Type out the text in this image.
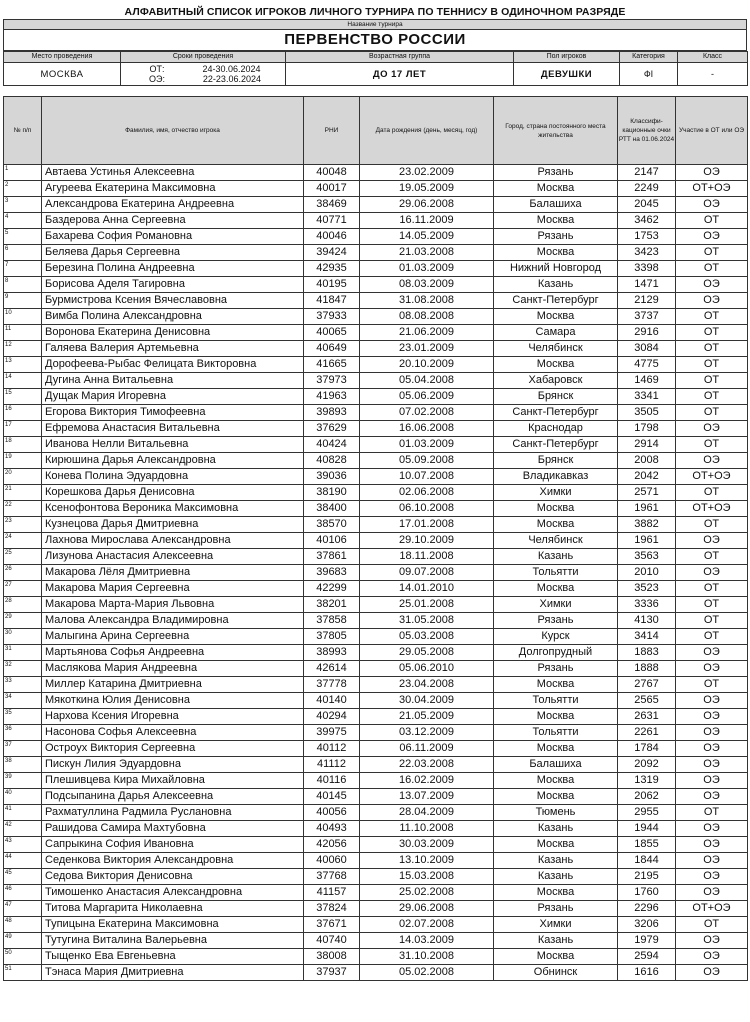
АЛФАВИТНЫЙ СПИСОК ИГРОКОВ ЛИЧНОГО ТУРНИРА ПО ТЕННИСУ В ОДИНОЧНОМ РАЗРЯДЕ
Название турнира
ПЕРВЕНСТВО РОССИИ
Место проведения	Сроки проведения	Возрастная группа	Пол игроков	Категория	Класс
МОСКВА	ОТ: 24-30.06.2024
ОЭ: 22-23.06.2024	ДО 17 ЛЕТ	ДЕВУШКИ	ФI	-
№ п/п	Фамилия, имя, отчество игрока	РНИ	Дата рождения (день, месяц, год)	Город, страна постоянного места жительства	Классифи-кационные очки РТТ на 01.06.2024	Участие в ОТ или ОЭ
1	Автаева Устинья Алексеевна	40048	23.02.2009	Рязань	2147	ОЭ
2	Агуреева Екатерина Максимовна	40017	19.05.2009	Москва	2249	ОТ+ОЭ
3	Александрова Екатерина Андреевна	38469	29.06.2008	Балашиха	2045	ОЭ
4	Баздерова Анна Сергеевна	40771	16.11.2009	Москва	3462	ОТ
5	Бахарева София Романовна	40046	14.05.2009	Рязань	1753	ОЭ
6	Беляева Дарья Сергеевна	39424	21.03.2008	Москва	3423	ОТ
7	Березина Полина Андреевна	42935	01.03.2009	Нижний Новгород	3398	ОТ
8	Борисова Аделя Тагировна	40195	08.03.2009	Казань	1471	ОЭ
9	Бурмистрова Ксения Вячеславовна	41847	31.08.2008	Санкт-Петербург	2129	ОЭ
10	Вимба Полина Александровна	37933	08.08.2008	Москва	3737	ОТ
11	Воронова Екатерина Денисовна	40065	21.06.2009	Самара	2916	ОТ
12	Галяева Валерия Артемьевна	40649	23.01.2009	Челябинск	3084	ОТ
13	Дорофеева-Рыбас Фелицата Викторовна	41665	20.10.2009	Москва	4775	ОТ
14	Дугина Анна Витальевна	37973	05.04.2008	Хабаровск	1469	ОТ
15	Дущак Мария Игоревна	41963	05.06.2009	Брянск	3341	ОТ
16	Егорова Виктория Тимофеевна	39893	07.02.2008	Санкт-Петербург	3505	ОТ
17	Ефремова Анастасия Витальевна	37629	16.06.2008	Краснодар	1798	ОЭ
18	Иванова Нелли Витальевна	40424	01.03.2009	Санкт-Петербург	2914	ОТ
19	Кирюшина Дарья Александровна	40828	05.09.2008	Брянск	2008	ОЭ
20	Конева Полина Эдуардовна	39036	10.07.2008	Владикавказ	2042	ОТ+ОЭ
21	Корешкова Дарья Денисовна	38190	02.06.2008	Химки	2571	ОТ
22	Ксенофонтова Вероника Максимовна	38400	06.10.2008	Москва	1961	ОТ+ОЭ
23	Кузнецова Дарья Дмитриевна	38570	17.01.2008	Москва	3882	ОТ
24	Лахнова Мирослава Александровна	40106	29.10.2009	Челябинск	1961	ОЭ
25	Лизунова Анастасия Алексеевна	37861	18.11.2008	Казань	3563	ОТ
26	Макарова Лёля Дмитриевна	39683	09.07.2008	Тольятти	2010	ОЭ
27	Макарова Мария Сергеевна	42299	14.01.2010	Москва	3523	ОТ
28	Макарова Марта-Мария Львовна	38201	25.01.2008	Химки	3336	ОТ
29	Малова Александра Владимировна	37858	31.05.2008	Рязань	4130	ОТ
30	Малыгина Арина Сергеевна	37805	05.03.2008	Курск	3414	ОТ
31	Мартьянова Софья Андреевна	38993	29.05.2008	Долгопрудный	1883	ОЭ
32	Маслякова Мария Андреевна	42614	05.06.2010	Рязань	1888	ОЭ
33	Миллер Катарина Дмитриевна	37778	23.04.2008	Москва	2767	ОТ
34	Мякоткина Юлия Денисовна	40140	30.04.2009	Тольятти	2565	ОЭ
35	Нархова Ксения Игоревна	40294	21.05.2009	Москва	2631	ОЭ
36	Насонова Софья Алексеевна	39975	03.12.2009	Тольятти	2261	ОЭ
37	Остроух Виктория Сергеевна	40112	06.11.2009	Москва	1784	ОЭ
38	Пискун Лилия Эдуардовна	41112	22.03.2008	Балашиха	2092	ОЭ
39	Плешивцева Кира Михайловна	40116	16.02.2009	Москва	1319	ОЭ
40	Подсыпанина Дарья Алексеевна	40145	13.07.2009	Москва	2062	ОЭ
41	Рахматуллина Радмила Руслановна	40056	28.04.2009	Тюмень	2955	ОТ
42	Рашидова Самира Махтубовна	40493	11.10.2008	Казань	1944	ОЭ
43	Сапрыкина София Ивановна	42056	30.03.2009	Москва	1855	ОЭ
44	Седенкова Виктория Александровна	40060	13.10.2009	Казань	1844	ОЭ
45	Седова Виктория Денисовна	37768	15.03.2008	Казань	2195	ОЭ
46	Тимошенко Анастасия Александровна	41157	25.02.2008	Москва	1760	ОЭ
47	Титова Маргарита Николаевна	37824	29.06.2008	Рязань	2296	ОТ+ОЭ
48	Тупицына Екатерина Максимовна	37671	02.07.2008	Химки	3206	ОТ
49	Тутугина Виталина Валерьевна	40740	14.03.2009	Казань	1979	ОЭ
50	Тыщенко Ева Евгеньевна	38008	31.10.2008	Москва	2594	ОЭ
51	Тэнаса Мария Дмитриевна	37937	05.02.2008	Обнинск	1616	ОЭ
